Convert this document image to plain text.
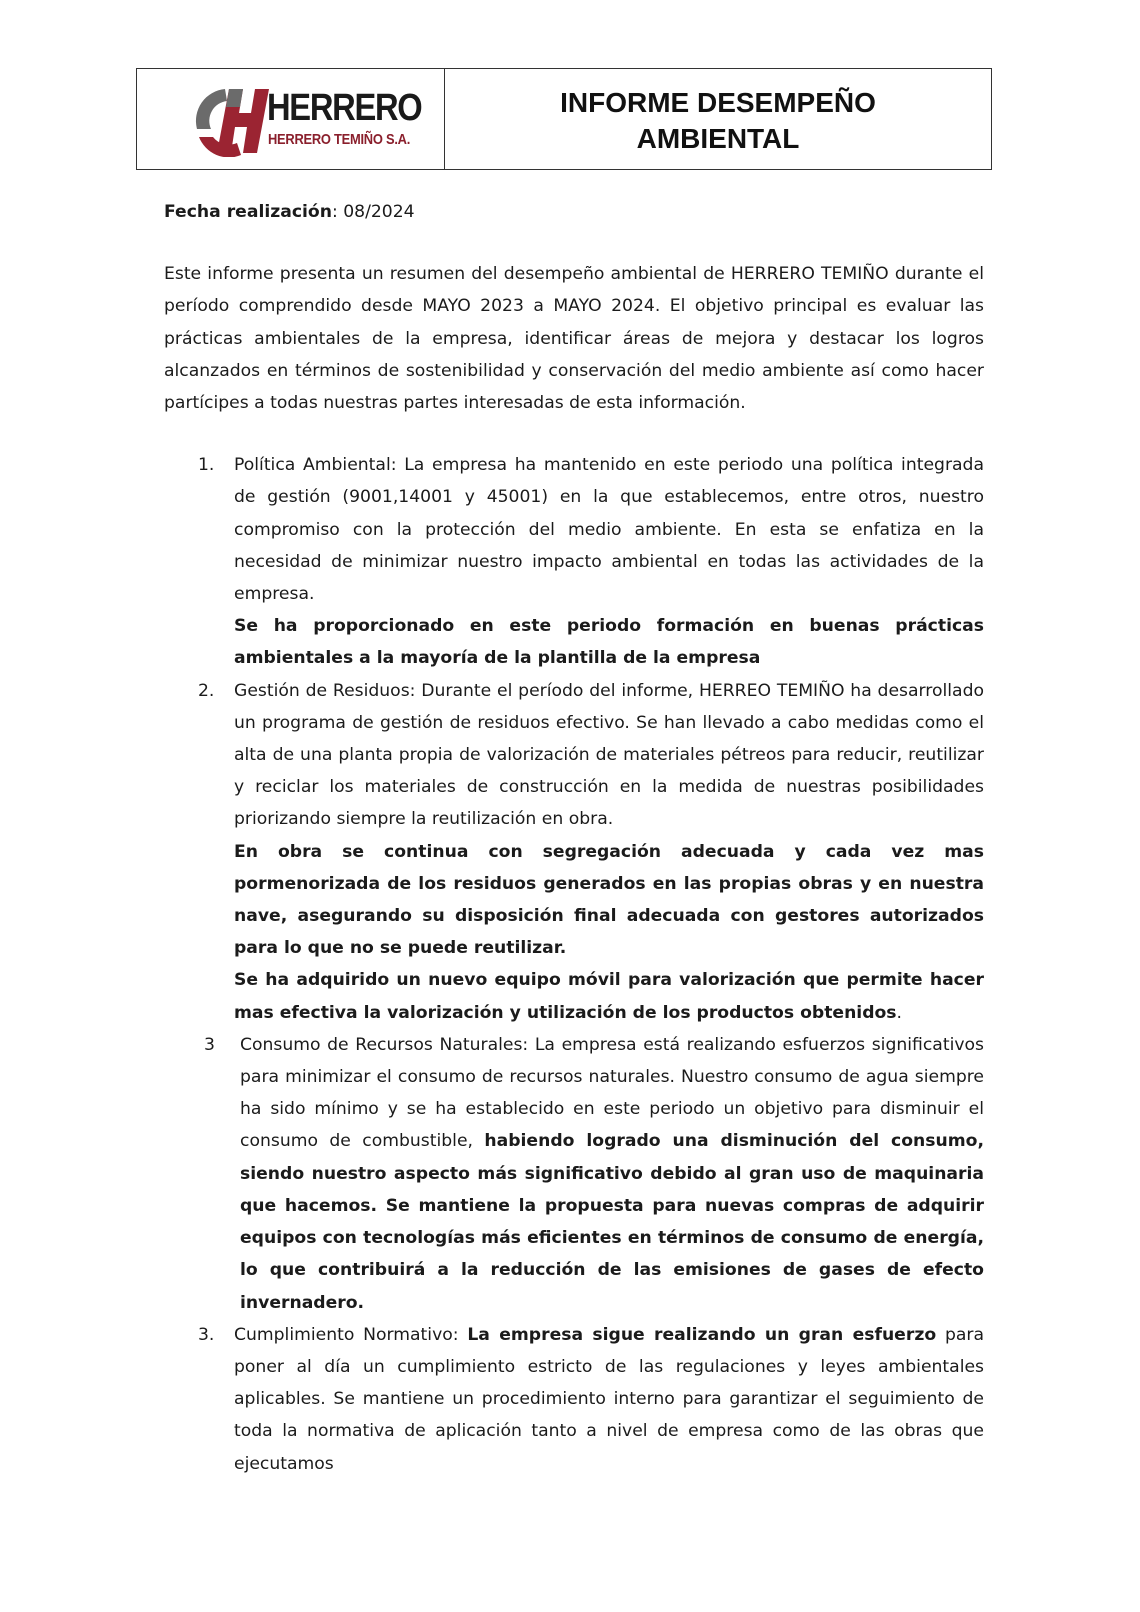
HERRERO
HERRERO TEMIÑO S.A.
INFORME DESEMPEÑO
AMBIENTAL

Fecha realización: 08/2024

Este informe presenta un resumen del desempeño ambiental de HERRERO TEMIÑO durante el período comprendido desde MAYO 2023 a MAYO 2024. El objetivo principal es evaluar las prácticas ambientales de la empresa, identificar áreas de mejora y destacar los logros alcanzados en términos de sostenibilidad y conservación del medio ambiente así como hacer partícipes a todas nuestras partes interesadas de esta información.

1. Política Ambiental: La empresa ha mantenido en este periodo una política integrada de gestión (9001,14001 y 45001) en la que establecemos, entre otros, nuestro compromiso con la protección del medio ambiente. En esta se enfatiza en la necesidad de minimizar nuestro impacto ambiental en todas las actividades de la empresa.

Se ha proporcionado en este periodo formación en buenas prácticas ambientales a la mayoría de la plantilla de la empresa

2. Gestión de Residuos: Durante el período del informe, HERREO TEMIÑO ha desarrollado un programa de gestión de residuos efectivo. Se han llevado a cabo medidas como el alta de una planta propia de valorización de materiales pétreos para reducir, reutilizar y reciclar los materiales de construcción en la medida de nuestras posibilidades priorizando siempre la reutilización en obra.

En obra se continua con segregación adecuada y cada vez mas pormenorizada de los residuos generados en las propias obras y en nuestra nave, asegurando su disposición final adecuada con gestores autorizados para lo que no se puede reutilizar.

Se ha adquirido un nuevo equipo móvil para valorización que permite hacer mas efectiva la valorización y utilización de los productos obtenidos.

3 Consumo de Recursos Naturales: La empresa está realizando esfuerzos significativos para minimizar el consumo de recursos naturales. Nuestro consumo de agua siempre ha sido mínimo y se ha establecido en este periodo un objetivo para disminuir el consumo de combustible, habiendo logrado una disminución del consumo, siendo nuestro aspecto más significativo debido al gran uso de maquinaria que hacemos. Se mantiene la propuesta para nuevas compras de adquirir equipos con tecnologías más eficientes en términos de consumo de energía, lo que contribuirá a la reducción de las emisiones de gases de efecto invernadero.

3. Cumplimiento Normativo: La empresa sigue realizando un gran esfuerzo para poner al día un cumplimiento estricto de las regulaciones y leyes ambientales aplicables. Se mantiene un procedimiento interno para garantizar el seguimiento de toda la normativa de aplicación tanto a nivel de empresa como de las obras que ejecutamos
